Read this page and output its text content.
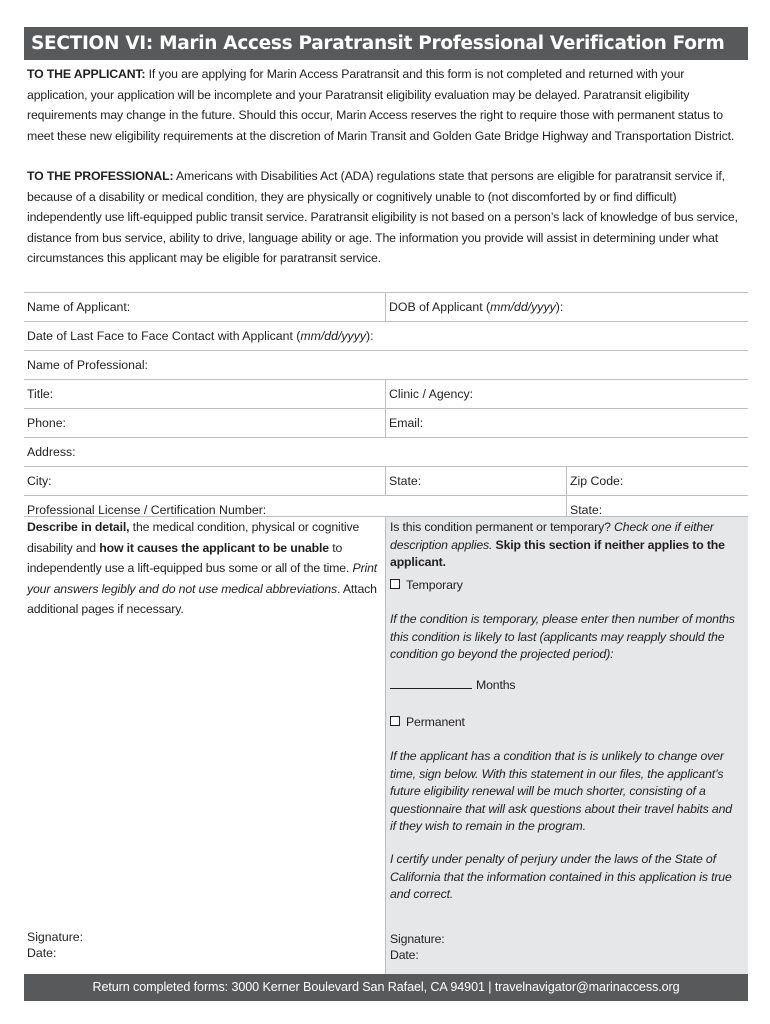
SECTION VI: Marin Access Paratransit Professional Verification Form

TO THE APPLICANT: If you are applying for Marin Access Paratransit and this form is not completed and returned with your application, your application will be incomplete and your Paratransit eligibility evaluation may be delayed. Paratransit eligibility requirements may change in the future. Should this occur, Marin Access reserves the right to require those with permanent status to meet these new eligibility requirements at the discretion of Marin Transit and Golden Gate Bridge Highway and Transportation District.

TO THE PROFESSIONAL: Americans with Disabilities Act (ADA) regulations state that persons are eligible for paratransit service if, because of a disability or medical condition, they are physically or cognitively unable to (not discomforted by or find difficult) independently use lift-equipped public transit service. Paratransit eligibility is not based on a person’s lack of knowledge of bus service, distance from bus service, ability to drive, language ability or age. The information you provide will assist in determining under what circumstances this applicant may be eligible for paratransit service.

Name of Applicant:	DOB of Applicant (mm/dd/yyyy):
Date of Last Face to Face Contact with Applicant (mm/dd/yyyy):
Name of Professional:
Title:	Clinic / Agency:
Phone:	Email:
Address:
City:	State:	Zip Code:
Professional License / Certification Number:	State:
Describe in detail, the medical condition, physical or cognitive disability and how it causes the applicant to be unable to independently use a lift-equipped bus some or all of the time. Print your answers legibly and do not use medical abbreviations. Attach additional pages if necessary.
Signature:
Date:
Is this condition permanent or temporary? Check one if either description applies. Skip this section if neither applies to the applicant.
Temporary
If the condition is temporary, please enter then number of months this condition is likely to last (applicants may reapply should the condition go beyond the projected period):
Months
Permanent
If the applicant has a condition that is is unlikely to change over time, sign below. With this statement in our files, the applicant’s future eligibility renewal will be much shorter, consisting of a questionnaire that will ask questions about their travel habits and if they wish to remain in the program.
I certify under penalty of perjury under the laws of the State of California that the information contained in this application is true and correct.
Signature:
Date:
Return completed forms: 3000 Kerner Boulevard San Rafael, CA 94901 | travelnavigator@marinaccess.org
